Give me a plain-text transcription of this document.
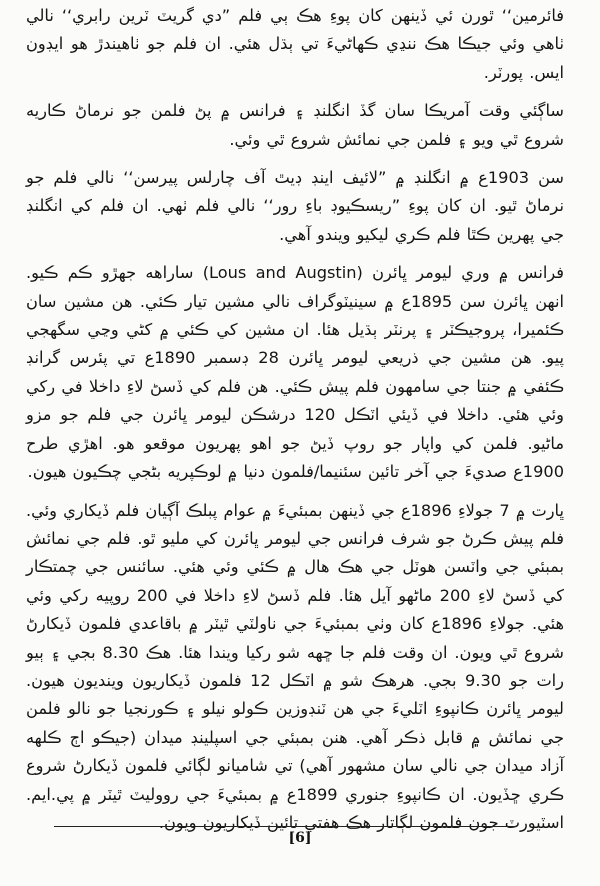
فائرمين‘‘ ٿورن ئي ڏينهن کان پوءِ هڪ ٻي فلم ”دي گريٽ ٽرين رابري‘‘ نالي ٺاهي وئي جيڪا هڪ ننڍي ڪهاڻيءَ تي ٻڌل هئي. ان فلم جو ٺاهيندڙ هو ايڊون ايس. پورٽر.

ساڳئي وقت آمريڪا سان گڏ انگلنڊ ۽ فرانس ۾ پڻ فلمن جو نرماڻ ڪاريه شروع ٿي ويو ۽ فلمن جي نمائش شروع ٿي وئي.

سن 1903ع ۾ انگلنڊ ۾ ”لائيف اينڊ ڊيٿ آف چارلس پيرسن‘‘ نالي فلم جو نرماڻ ٿيو. ان کان پوءِ ”ريسڪيوڊ باءِ رور‘‘ نالي فلم ٺهي. ان فلم کي انگلنڊ جي پهرين ڪٿا فلم ڪري ليکيو ويندو آهي.

فرانس ۾ وري ليومر ڀائرن (Lous and Augstin) ساراهه جهڙو ڪم ڪيو. انهن ڀائرن سن 1895ع ۾ سينيٽوگراف نالي مشين تيار ڪئي. هن مشين سان ڪئميرا، پروجيڪٽر ۽ پرنٽر ٻڌيل هئا. ان مشين کي ڪئي ۾ کڻي وڃي سگهجي پيو. هن مشين جي ذريعي ليومر ڀائرن 28 ڊسمبر 1890ع تي پئرس گرانڊ ڪئفي ۾ جنتا جي سامهون فلم پيش ڪئي. هن فلم کي ڏسڻ لاءِ داخلا في رکي وئي هئي. داخلا في ڏيئي اٽڪل 120 درشڪن ليومر ڀائرن جي فلم جو مزو ماڻيو. فلمن کي واپار جو روپ ڏيڻ جو اهو پهريون موقعو هو. اهڙي طرح 1900ع صديءَ جي آخر تائين سئنيما/فلمون دنيا ۾ لوڪپريه بڻجي چڪيون هيون.

ڀارت ۾ 7 جولاءِ 1896ع جي ڏينهن بمبئيءَ ۾ عوام پبلڪ آڳيان فلم ڏيکاري وئي. فلم پيش ڪرڻ جو شرف فرانس جي ليومر ڀائرن کي مليو ٿو. فلم جي نمائش بمبئي جي واٽسن هوٽل جي هڪ هال ۾ ڪئي وئي هئي. سائنس جي چمتڪار کي ڏسڻ لاءِ 200 ماڻهو آيل هئا. فلم ڏسڻ لاءِ داخلا في 200 روپيه رکي وئي هئي. جولاءِ 1896ع کان وٺي بمبئيءَ جي ناولٽي ٿيٽر ۾ باقاعدي فلمون ڏيکارڻ شروع ٿي ويون. ان وقت فلم جا ڇهه شو رکيا ويندا هئا. هڪ 8.30 بجي ۽ ٻيو رات جو 9.30 بجي. هرهڪ شو ۾ اٽڪل 12 فلمون ڏيکاريون وينديون هيون. ليومر ڀائرن ڪانپوءِ اٽليءَ جي هن ٽنڊوزين ڪولو نيلو ۽ ڪورنجيا جو نالو فلمن جي نمائش ۾ قابل ذڪر آهي. هنن بمبئي جي اسپلينڊ ميدان (جيڪو اڄ ڪلهه آزاد ميدان جي نالي سان مشهور آهي) تي شاميانو لڳائي فلمون ڏيکارڻ شروع ڪري ڇڏيون. ان ڪانپوءِ جنوري 1899ع ۾ بمبئيءَ جي رووليٽ ٿيٽر ۾ پي.ايم. اسٽيورٽ جون فلمون لڳاتار هڪ هفتي تائين ڏيکاريون ويون.

[6]
